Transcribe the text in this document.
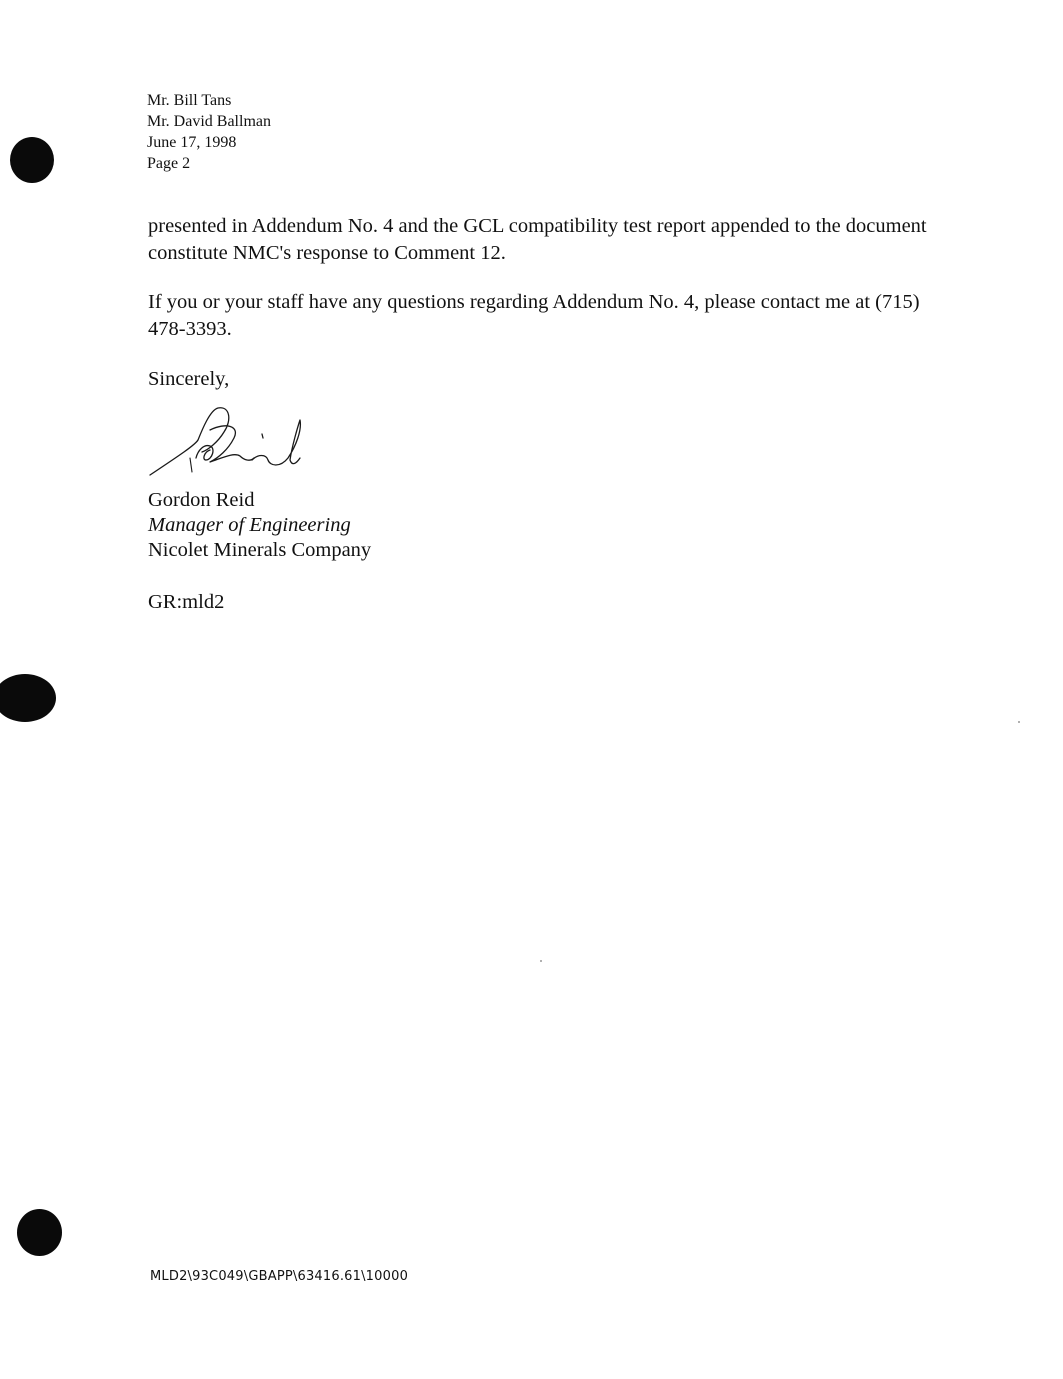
Mr. Bill Tans
Mr. David Ballman
June 17, 1998
Page 2
presented in Addendum No. 4 and the GCL compatibility test report appended to the document constitute NMC's response to Comment 12.
If you or your staff have any questions regarding Addendum No. 4, please contact me at (715) 478-3393.
Sincerely,
Gordon Reid
Manager of Engineering
Nicolet Minerals Company
GR:mld2
MLD2\93C049\GBAPP\63416.61\10000
